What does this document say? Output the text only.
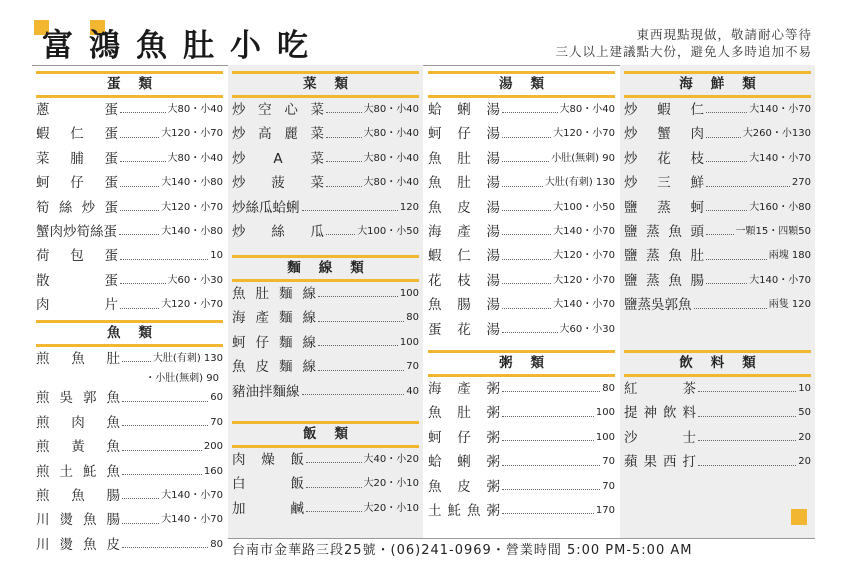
富鴻魚肚小吃	東西現點現做，敬請耐心等待
三人以上建議點大份，避免人多時追加不易
蛋類
蔥	蛋	大80・小40
蝦 仁 蛋	大120・小70
菜 脯 蛋	大80・小40
蚵 仔 蛋	大140・小80
筍 絲 炒 蛋	大120・小70
蟹肉炒筍絲蛋	大140・小80
荷 包 蛋	10
散	蛋	大60・小30
肉	片	大120・小70
魚類
煎 魚 肚	大肚(有刺) 130
・小肚(無刺) 90
煎 吳 郭 魚	60
煎 肉 魚	70
煎 黃 魚	200
煎 土 魠 魚	160
煎 魚 腸	大140・小70
川 燙 魚 腸	大140・小70
川 燙 魚 皮	80
菜類
炒 空 心 菜	大80・小40
炒 高 麗 菜	大80・小40
炒 A 菜	大80・小40
炒 菠 菜	大80・小40
炒絲瓜蛤蜊	120
炒 絲 瓜	大100・小50
麵線類
魚 肚 麵 線	100
海 產 麵 線	80
蚵 仔 麵 線	100
魚 皮 麵 線	70
豬油拌麵線	40
飯類
肉 燥 飯	大40・小20
白	飯	大20・小10
加	鹹	大20・小10
湯類
蛤 蜊 湯	大80・小40
蚵 仔 湯	大120・小70
魚 肚 湯	小肚(無刺) 90
魚 肚 湯	大肚(有刺) 130
魚 皮 湯	大100・小50
海 產 湯	大140・小70
蝦 仁 湯	大120・小70
花 枝 湯	大120・小70
魚 腸 湯	大140・小70
蛋 花 湯	大60・小30
粥類
海 產 粥	80
魚 肚 粥	100
蚵 仔 粥	100
蛤 蜊 粥	70
魚 皮 粥	70
土 魠 魚 粥	170
海鮮類
炒 蝦 仁	大140・小70
炒 蟹 肉	大260・小130
炒 花 枝	大140・小70
炒 三 鮮	270
鹽 蒸 蚵	大160・小80
鹽 蒸 魚 頭	一顆15・四顆50
鹽 蒸 魚 肚	兩塊 180
鹽 蒸 魚 腸	大140・小70
鹽蒸吳郭魚	兩隻 120
飲料類
紅	茶	10
提 神 飲 料	50
沙	士	20
蘋 果 西 打	20
台南市金華路三段25號・(06)241-0969・營業時間 5:00 PM-5:00 AM
